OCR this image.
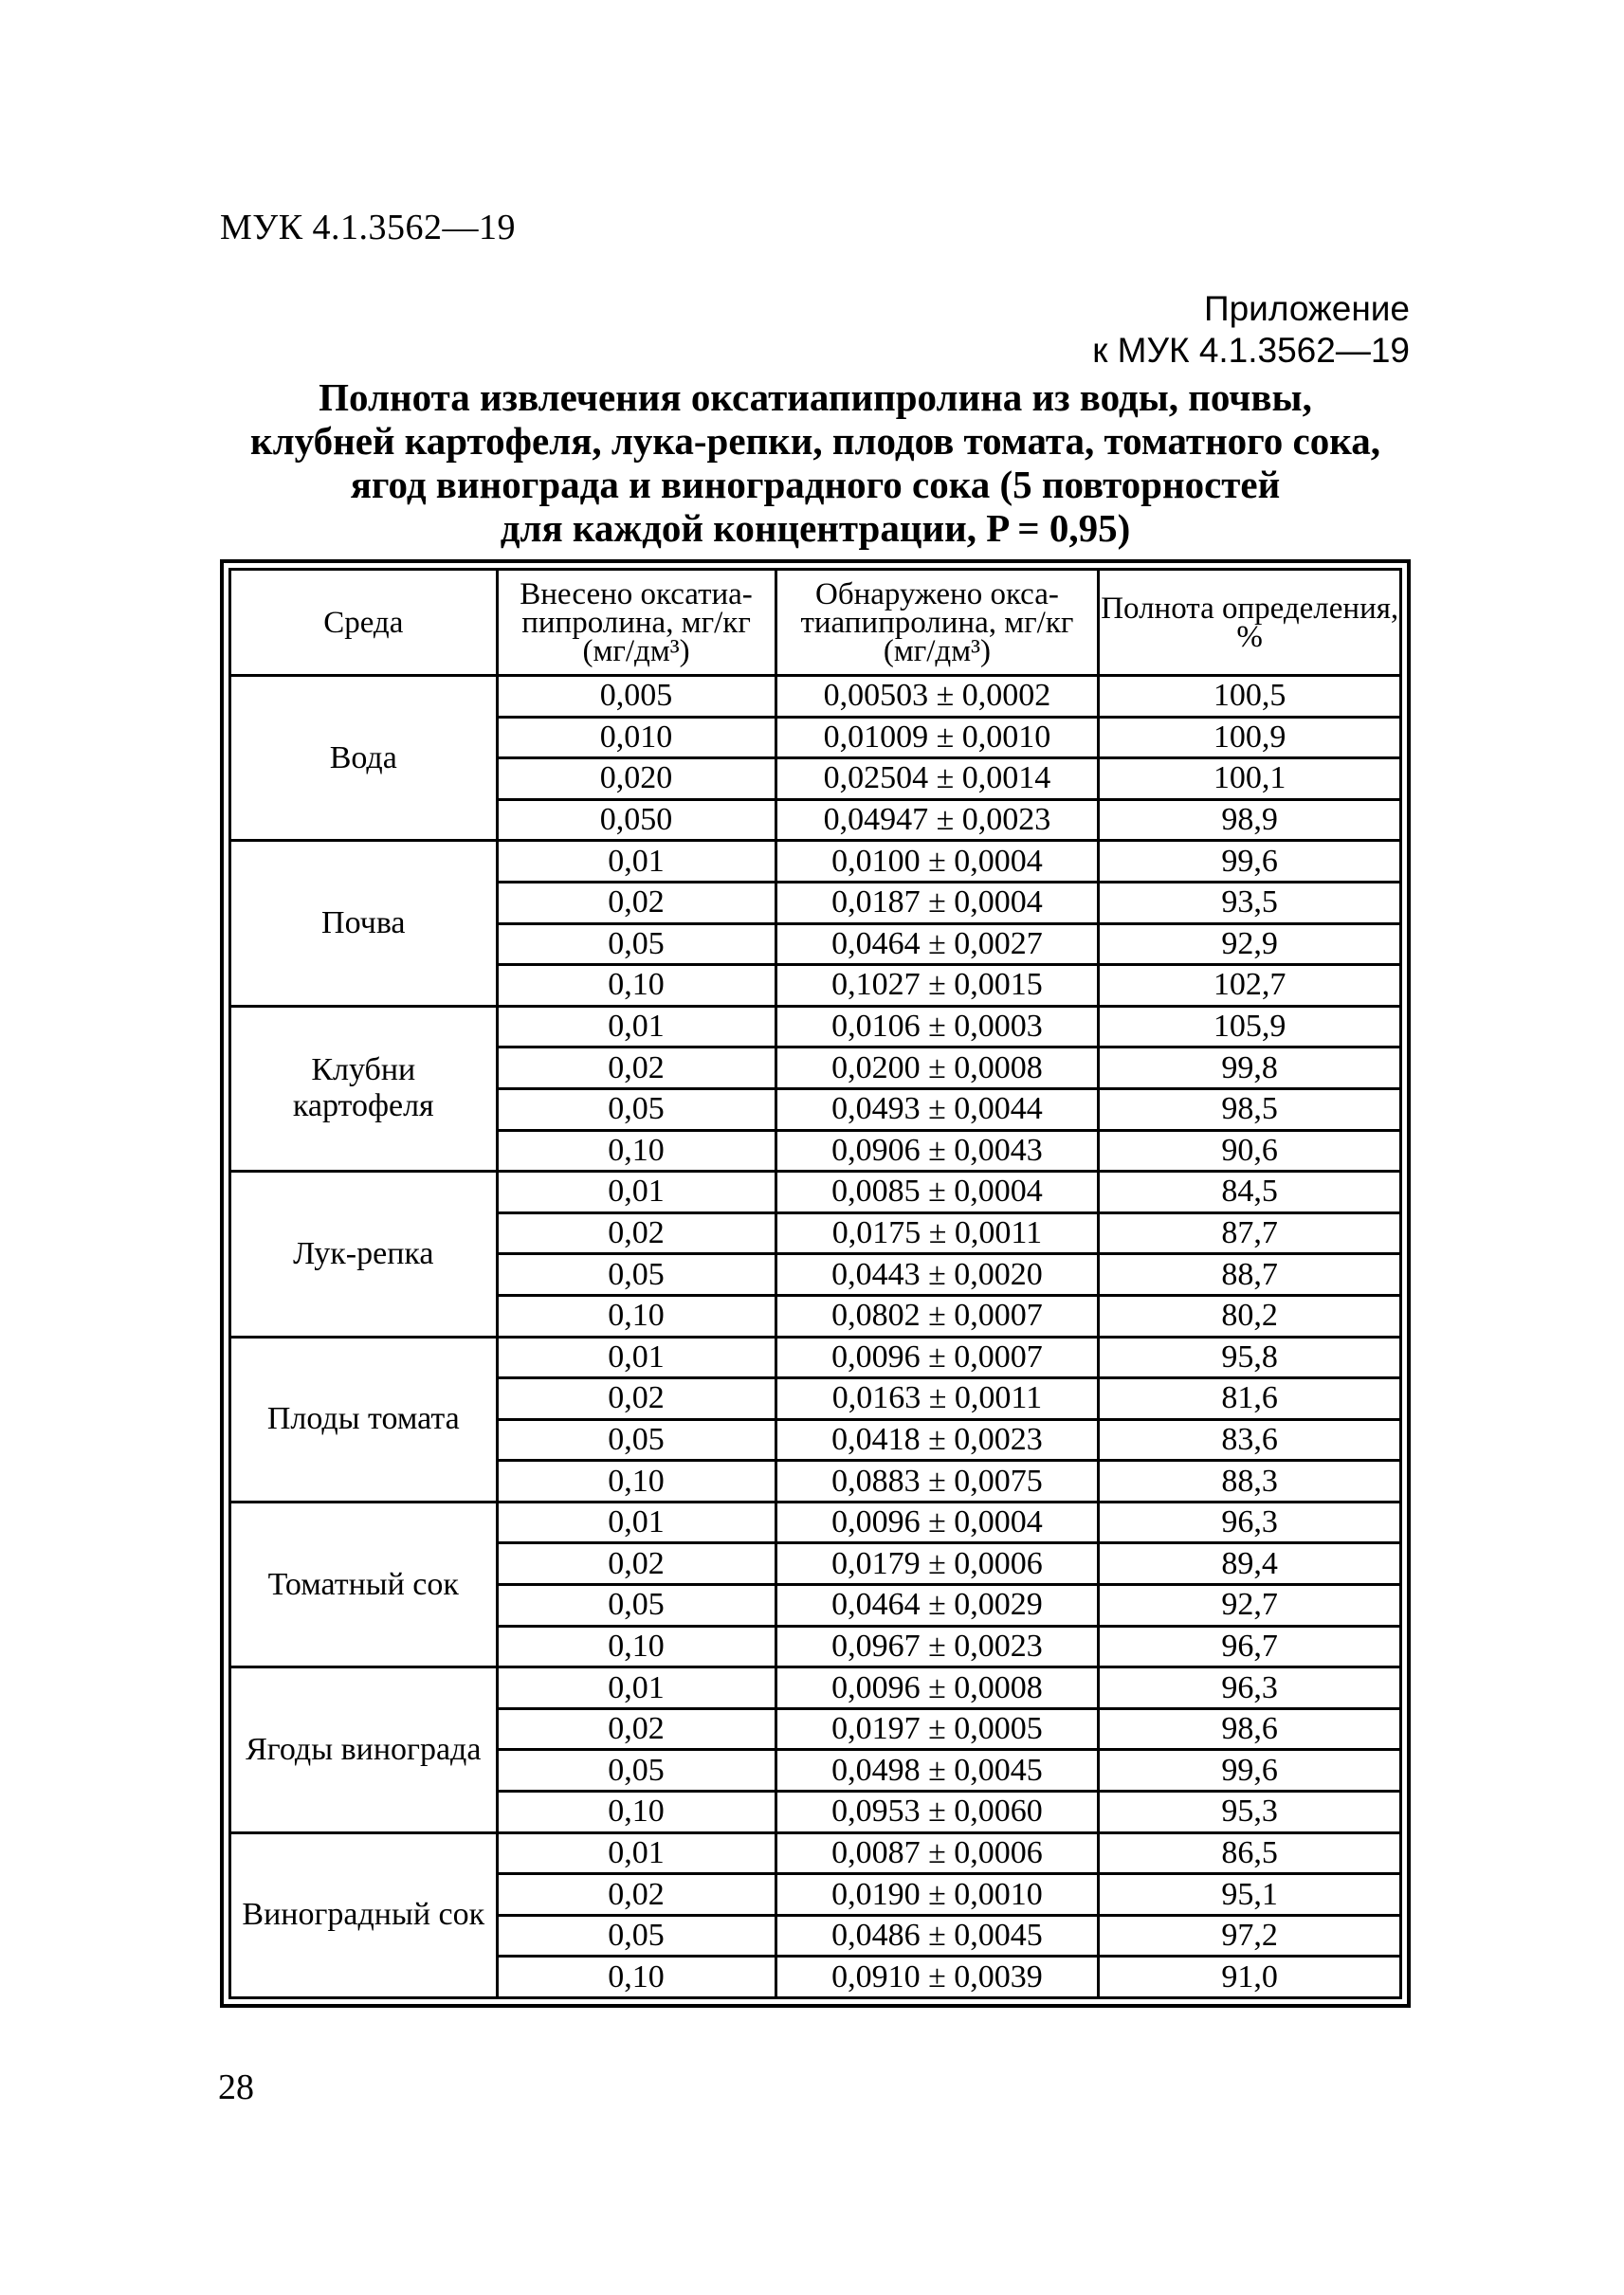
МУК 4.1.3562—19
Приложение
к МУК 4.1.3562—19
Полнота извлечения оксатиапипролина из воды, почвы,
клубней картофеля, лука-репки, плодов томата, томатного сока,
ягод винограда и виноградного сока (5 повторностей
для каждой концентрации, P = 0,95)
Среда	Внесено оксатиа-пипролина, мг/кг (мг/дм³)	Обнаружено окса-тиапипролина, мг/кг (мг/дм³)	Полнота определения, %
Вода	0,005	0,00503 ± 0,0002	100,5
	0,010	0,01009 ± 0,0010	100,9
	0,020	0,02504 ± 0,0014	100,1
	0,050	0,04947 ± 0,0023	98,9
Почва	0,01	0,0100 ± 0,0004	99,6
	0,02	0,0187 ± 0,0004	93,5
	0,05	0,0464 ± 0,0027	92,9
	0,10	0,1027 ± 0,0015	102,7
Клубни картофеля	0,01	0,0106 ± 0,0003	105,9
	0,02	0,0200 ± 0,0008	99,8
	0,05	0,0493 ± 0,0044	98,5
	0,10	0,0906 ± 0,0043	90,6
Лук-репка	0,01	0,0085 ± 0,0004	84,5
	0,02	0,0175 ± 0,0011	87,7
	0,05	0,0443 ± 0,0020	88,7
	0,10	0,0802 ± 0,0007	80,2
Плоды томата	0,01	0,0096 ± 0,0007	95,8
	0,02	0,0163 ± 0,0011	81,6
	0,05	0,0418 ± 0,0023	83,6
	0,10	0,0883 ± 0,0075	88,3
Томатный сок	0,01	0,0096 ± 0,0004	96,3
	0,02	0,0179 ± 0,0006	89,4
	0,05	0,0464 ± 0,0029	92,7
	0,10	0,0967 ± 0,0023	96,7
Ягоды винограда	0,01	0,0096 ± 0,0008	96,3
	0,02	0,0197 ± 0,0005	98,6
	0,05	0,0498 ± 0,0045	99,6
	0,10	0,0953 ± 0,0060	95,3
Виноградный сок	0,01	0,0087 ± 0,0006	86,5
	0,02	0,0190 ± 0,0010	95,1
	0,05	0,0486 ± 0,0045	97,2
	0,10	0,0910 ± 0,0039	91,0
28
